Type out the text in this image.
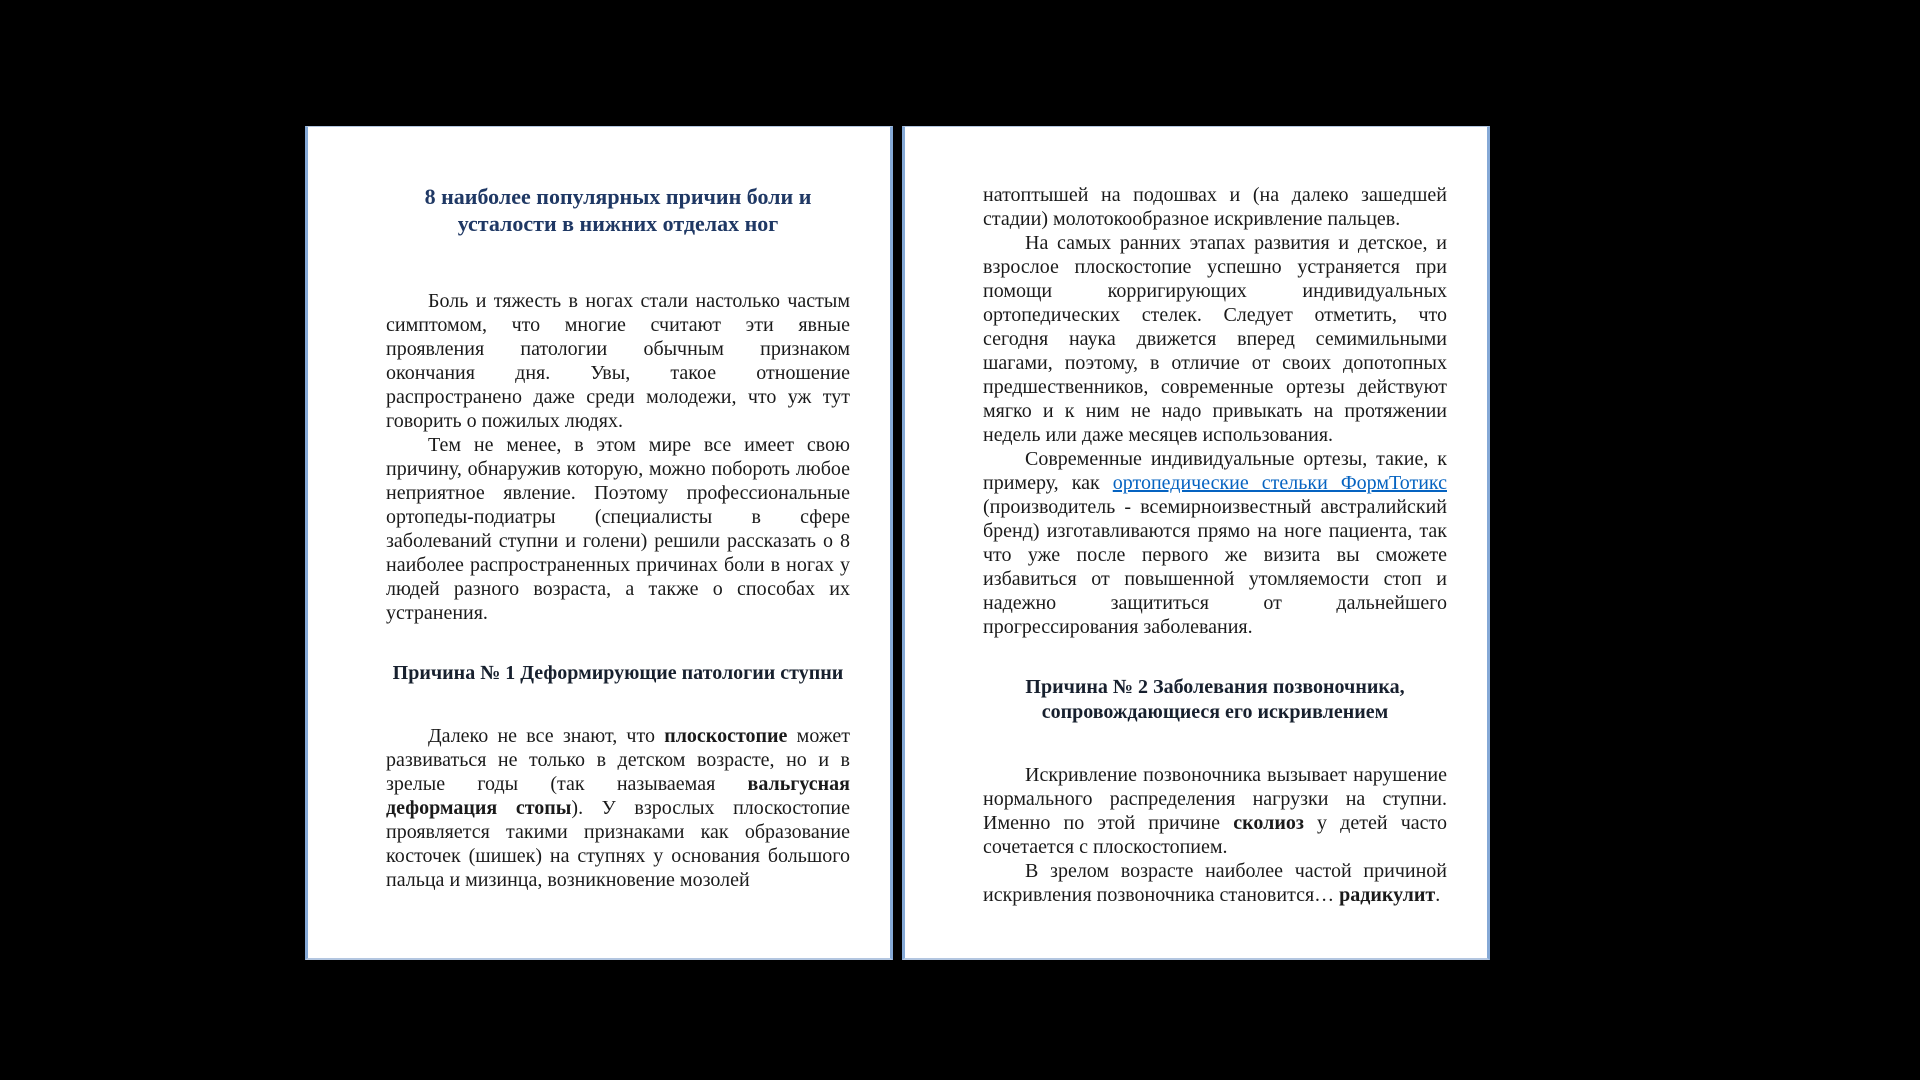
8 наиболее популярных причин боли и
усталости в нижних отделах ног

Боль и тяжесть в ногах стали настолько частым симптомом, что многие считают эти явные проявления патологии обычным признаком окончания дня. Увы, такое отношение распространено даже среди молодежи, что уж тут говорить о пожилых людях.

Тем не менее, в этом мире все имеет свою причину, обнаружив которую, можно побороть любое неприятное явление. Поэтому профессиональные ортопеды-подиатры (специалисты в сфере заболеваний ступни и голени) решили рассказать о 8 наиболее распространенных причинах боли в ногах у людей разного возраста, а также о способах их устранения.

Причина № 1 Деформирующие патологии ступни

Далеко не все знают, что плоскостопие может развиваться не только в детском возрасте, но и в зрелые годы (так называемая вальгусная деформация стопы). У взрослых плоскостопие проявляется такими признаками как образование косточек (шишек) на ступнях у основания большого пальца и мизинца, возникновение мозолей

натоптышей на подошвах и (на далеко зашедшей стадии) молотокообразное искривление пальцев.

На самых ранних этапах развития и детское, и взрослое плоскостопие успешно устраняется при помощи корригирующих индивидуальных ортопедических стелек. Следует отметить, что сегодня наука движется вперед семимильными шагами, поэтому, в отличие от своих допотопных предшественников, современные ортезы действуют мягко и к ним не надо привыкать на протяжении недель или даже месяцев использования.

Современные индивидуальные ортезы, такие, к примеру, как ортопедические стельки ФормТотикс (производитель - всемирноизвестный австралийский бренд) изготавливаются прямо на ноге пациента, так что уже после первого же визита вы сможете избавиться от повышенной утомляемости стоп и надежно защититься от дальнейшего прогрессирования заболевания.

Причина № 2 Заболевания позвоночника,
сопровождающиеся его искривлением

Искривление позвоночника вызывает нарушение нормального распределения нагрузки на ступни. Именно по этой причине сколиоз у детей часто сочетается с плоскостопием.

В зрелом возрасте наиболее частой причиной искривления позвоночника становится… радикулит.
